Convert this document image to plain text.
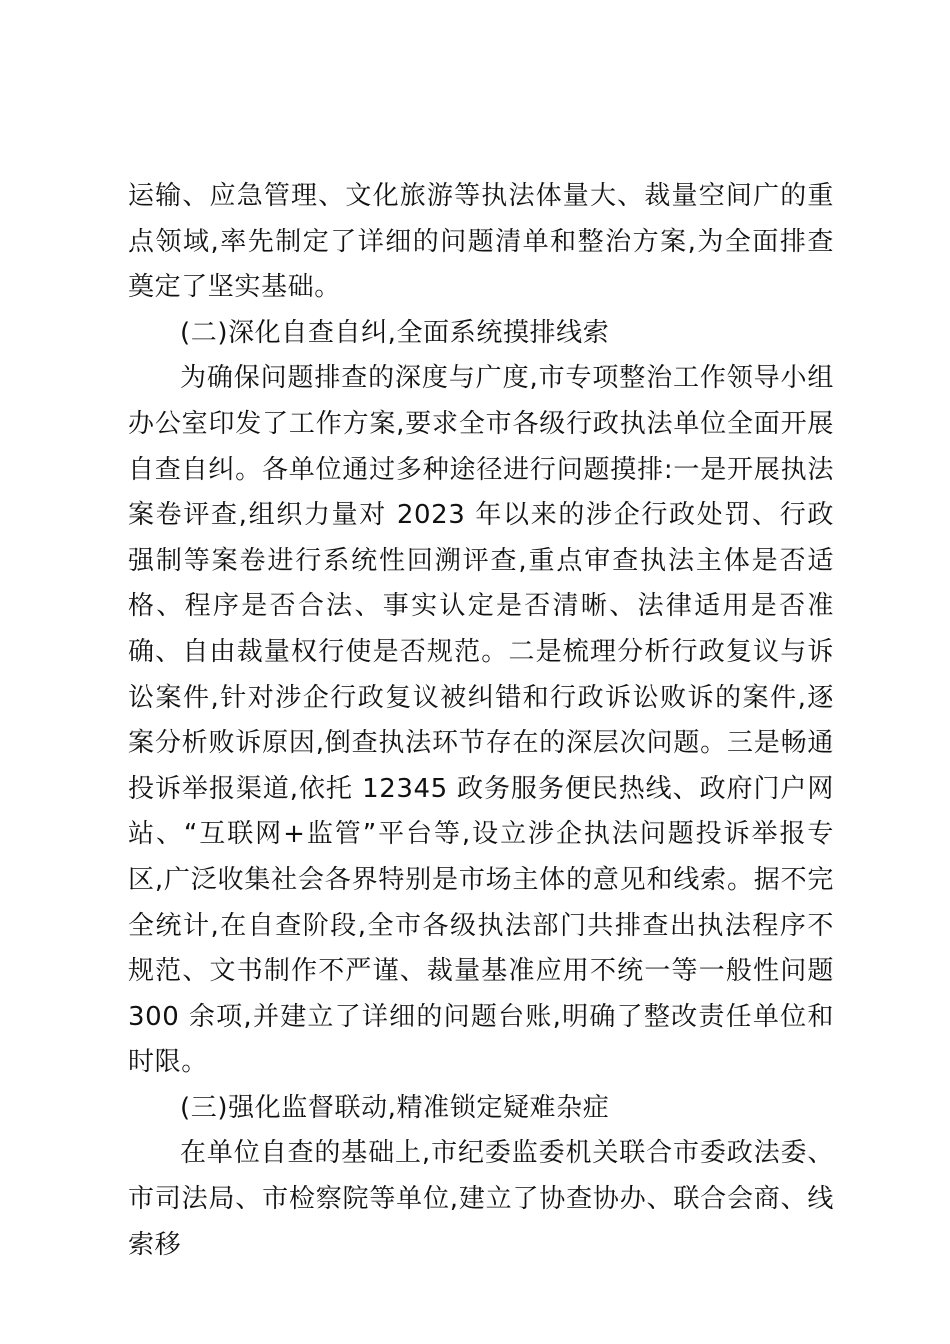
运输、应急管理、文化旅游等执法体量大、裁量空间广的重点领域,率先制定了详细的问题清单和整治方案,为全面排查奠定了坚实基础。

(二)深化自查自纠,全面系统摸排线索

为确保问题排查的深度与广度,市专项整治工作领导小组办公室印发了工作方案,要求全市各级行政执法单位全面开展自查自纠。各单位通过多种途径进行问题摸排:一是开展执法案卷评查,组织力量对 2023 年以来的涉企行政处罚、行政强制等案卷进行系统性回溯评查,重点审查执法主体是否适格、程序是否合法、事实认定是否清晰、法律适用是否准确、自由裁量权行使是否规范。二是梳理分析行政复议与诉讼案件,针对涉企行政复议被纠错和行政诉讼败诉的案件,逐案分析败诉原因,倒查执法环节存在的深层次问题。三是畅通投诉举报渠道,依托 12345 政务服务便民热线、政府门户网站、“互联网+监管”平台等,设立涉企执法问题投诉举报专区,广泛收集社会各界特别是市场主体的意见和线索。据不完全统计,在自查阶段,全市各级执法部门共排查出执法程序不规范、文书制作不严谨、裁量基准应用不统一等一般性问题 300 余项,并建立了详细的问题台账,明确了整改责任单位和时限。

(三)强化监督联动,精准锁定疑难杂症

在单位自查的基础上,市纪委监委机关联合市委政法委、市司法局、市检察院等单位,建立了协查协办、联合会商、线索移
